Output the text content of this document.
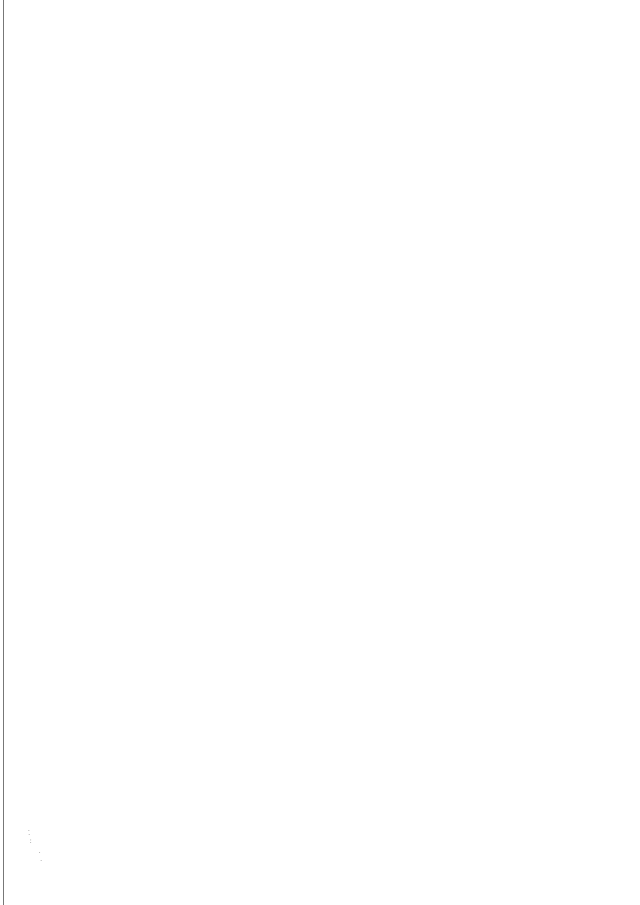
.
·
:

·
.
